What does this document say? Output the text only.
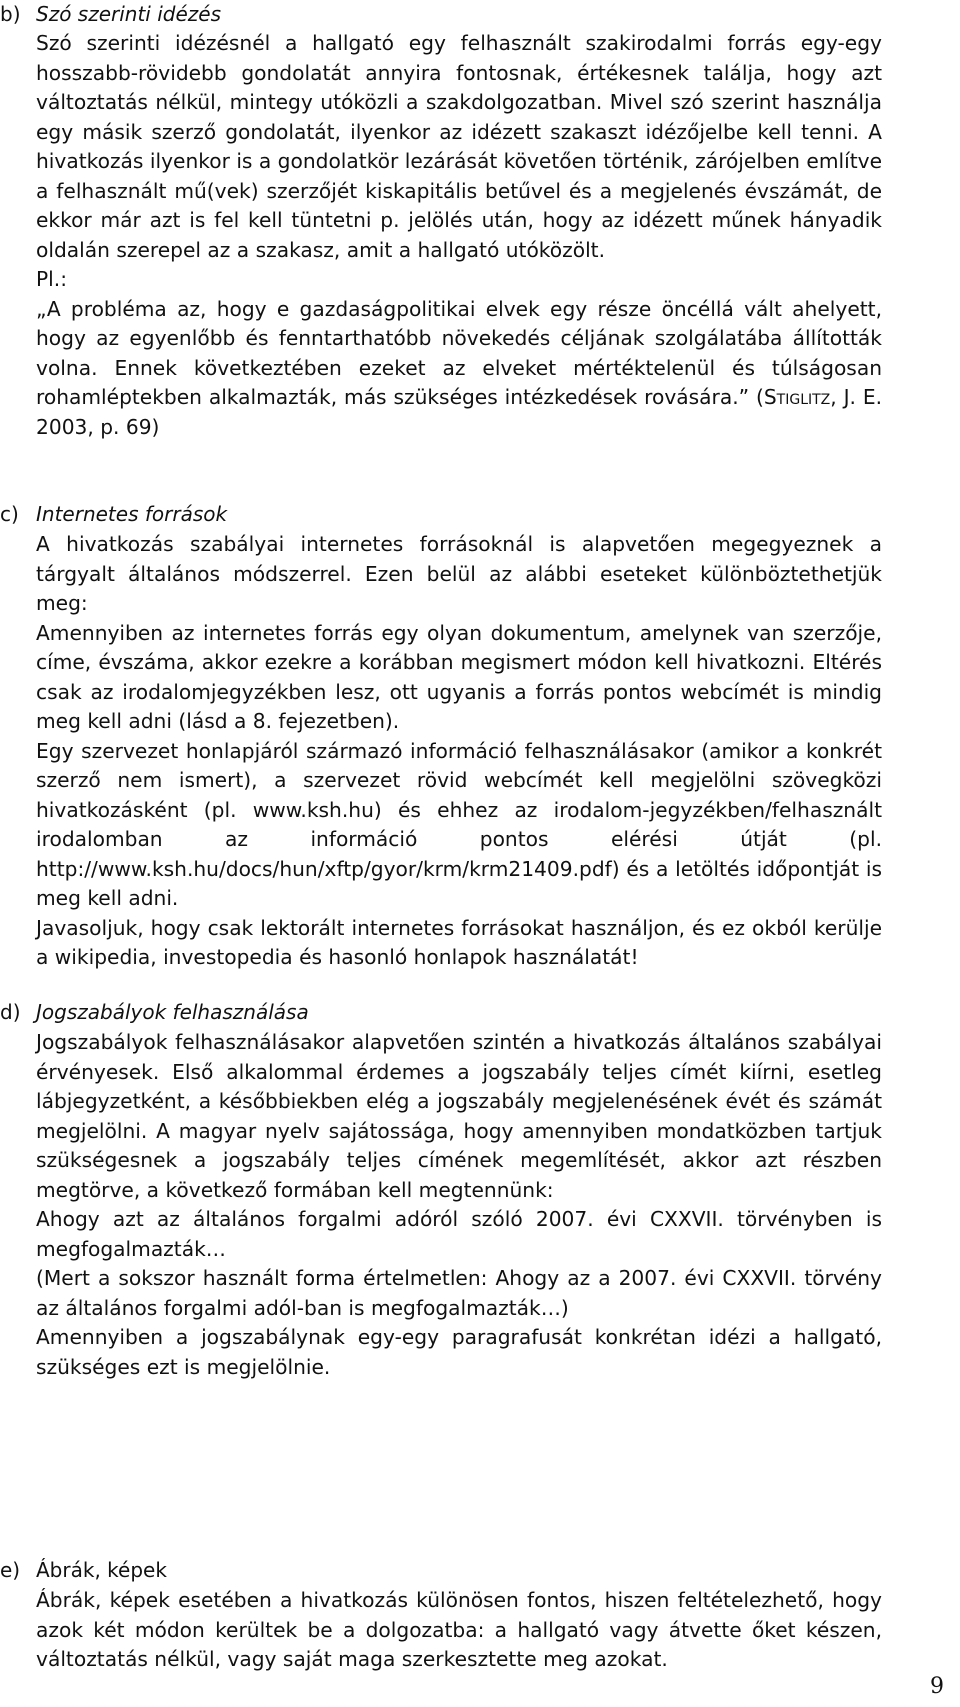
b) Szó szerinti idézés

Szó szerinti idézésnél a hallgató egy felhasznált szakirodalmi forrás egy-egy hosszabb-rövidebb gondolatát annyira fontosnak, értékesnek találja, hogy azt változtatás nélkül, mintegy utóközli a szakdolgozatban. Mivel szó szerint használja egy másik szerző gondolatát, ilyenkor az idézett szakaszt idézőjelbe kell tenni. A hivatkozás ilyenkor is a gondolatkör lezárását követően történik, zárójelben említve a felhasznált mű(vek) szerzőjét kiskapitális betűvel és a megjelenés évszámát, de ekkor már azt is fel kell tüntetni p. jelölés után, hogy az idézett műnek hányadik oldalán szerepel az a szakasz, amit a hallgató utóközölt.

Pl.:

„A probléma az, hogy e gazdaságpolitikai elvek egy része öncéllá vált ahelyett, hogy az egyenlőbb és fenntarthatóbb növekedés céljának szolgálatába állították volna. Ennek következtében ezeket az elveket mértéktelenül és túlságosan rohamléptekben alkalmazták, más szükséges intézkedések rovására.” (Stiglitz, J. E. 2003, p. 69)

c) Internetes források

A hivatkozás szabályai internetes forrásoknál is alapvetően megegyeznek a tárgyalt általános módszerrel. Ezen belül az alábbi eseteket különböztethetjük meg:

Amennyiben az internetes forrás egy olyan dokumentum, amelynek van szerzője, címe, évszáma, akkor ezekre a korábban megismert módon kell hivatkozni. Eltérés csak az irodalomjegyzékben lesz, ott ugyanis a forrás pontos webcímét is mindig meg kell adni (lásd a 8. fejezetben).

Egy szervezet honlapjáról származó információ felhasználásakor (amikor a konkrét szerző nem ismert), a szervezet rövid webcímét kell megjelölni szövegközi hivatkozásként (pl. www.ksh.hu) és ehhez az irodalom-jegyzékben/felhasznált irodalomban az információ pontos elérési útját (pl. http://www.ksh.hu/docs/hun/xftp/gyor/krm/krm21409.pdf) és a letöltés időpontját is meg kell adni.

Javasoljuk, hogy csak lektorált internetes forrásokat használjon, és ez okból kerülje a wikipedia, investopedia és hasonló honlapok használatát!

d) Jogszabályok felhasználása

Jogszabályok felhasználásakor alapvetően szintén a hivatkozás általános szabályai érvényesek. Első alkalommal érdemes a jogszabály teljes címét kiírni, esetleg lábjegyzetként, a későbbiekben elég a jogszabály megjelenésének évét és számát megjelölni. A magyar nyelv sajátossága, hogy amennyiben mondatközben tartjuk szükségesnek a jogszabály teljes címének megemlítését, akkor azt részben megtörve, a következő formában kell megtennünk:

Ahogy azt az általános forgalmi adóról szóló 2007. évi CXXVII. törvényben is megfogalmazták…

(Mert a sokszor használt forma értelmetlen: Ahogy az a 2007. évi CXXVII. törvény az általános forgalmi adól-ban is megfogalmazták…)

Amennyiben a jogszabálynak egy-egy paragrafusát konkrétan idézi a hallgató, szükséges ezt is megjelölnie.

e) Ábrák, képek

Ábrák, képek esetében a hivatkozás különösen fontos, hiszen feltételezhető, hogy azok két módon kerültek be a dolgozatba: a hallgató vagy átvette őket készen, változtatás nélkül, vagy saját maga szerkesztette meg azokat.

9
